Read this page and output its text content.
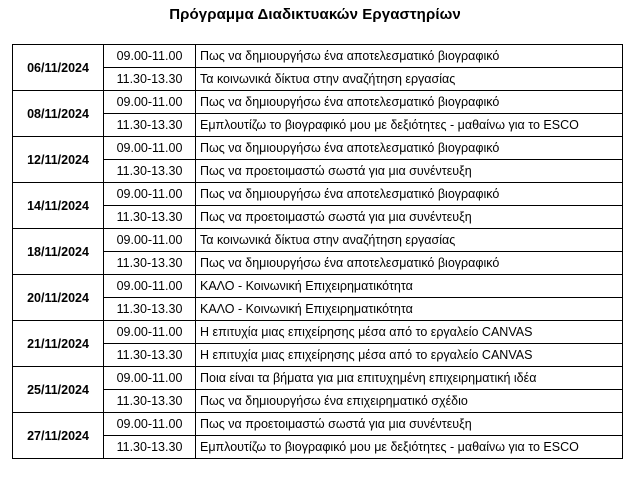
Πρόγραμμα Διαδικτυακών Εργαστηρίων
06/11/2024	09.00-11.00	Πως να δημιουργήσω ένα αποτελεσματικό βιογραφικό
	11.30-13.30	Τα κοινωνικά δίκτυα στην αναζήτηση εργασίας
08/11/2024	09.00-11.00	Πως να δημιουργήσω ένα αποτελεσματικό βιογραφικό
	11.30-13.30	Εμπλουτίζω το βιογραφικό μου με δεξιότητες - μαθαίνω για το ESCO
12/11/2024	09.00-11.00	Πως να δημιουργήσω ένα αποτελεσματικό βιογραφικό
	11.30-13.30	Πως να προετοιμαστώ σωστά για μια συνέντευξη
14/11/2024	09.00-11.00	Πως να δημιουργήσω ένα αποτελεσματικό βιογραφικό
	11.30-13.30	Πως να προετοιμαστώ σωστά για μια συνέντευξη
18/11/2024	09.00-11.00	Τα κοινωνικά δίκτυα στην αναζήτηση εργασίας
	11.30-13.30	Πως να δημιουργήσω ένα αποτελεσματικό βιογραφικό
20/11/2024	09.00-11.00	ΚΑΛΟ - Κοινωνική Επιχειρηματικότητα
	11.30-13.30	ΚΑΛΟ - Κοινωνική Επιχειρηματικότητα
21/11/2024	09.00-11.00	Η επιτυχία μιας επιχείρησης μέσα από το εργαλείο CANVAS
	11.30-13.30	Η επιτυχία μιας επιχείρησης μέσα από το εργαλείο CANVAS
25/11/2024	09.00-11.00	Ποια είναι τα βήματα για μια επιτυχημένη επιχειρηματική ιδέα
	11.30-13.30	Πως να δημιουργήσω ένα επιχειρηματικό σχέδιο
27/11/2024	09.00-11.00	Πως να προετοιμαστώ σωστά για μια συνέντευξη
	11.30-13.30	Εμπλουτίζω το βιογραφικό μου με δεξιότητες - μαθαίνω για το ESCO
